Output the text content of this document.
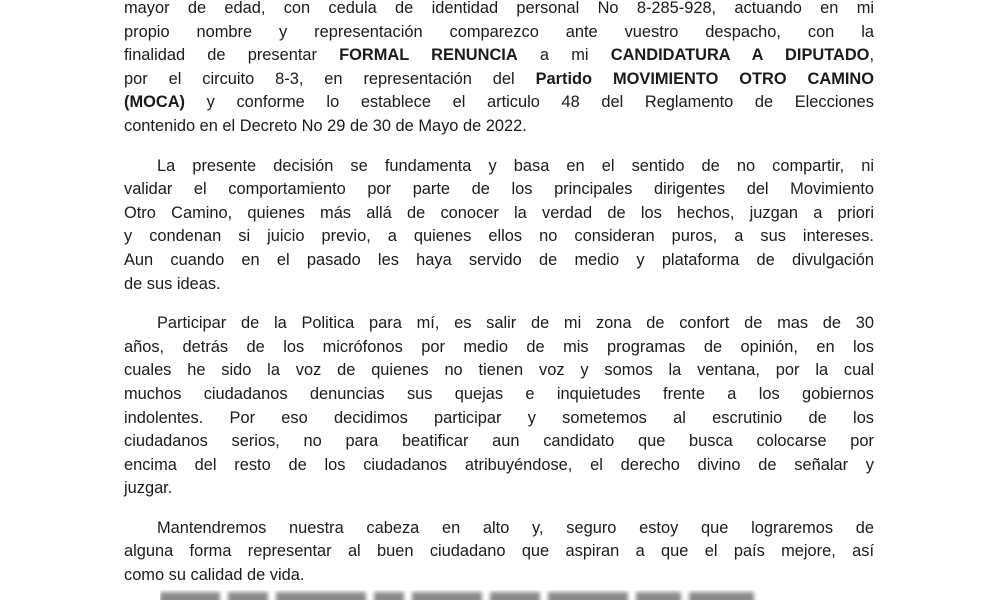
mayor de edad, con cedula de identidad personal No 8-285-928, actuando en mi
propio nombre y representación comparezco ante vuestro despacho, con la
finalidad de presentar FORMAL RENUNCIA a mi CANDIDATURA A DIPUTADO,
por el circuito 8-3, en representación del Partido MOVIMIENTO OTRO CAMINO
(MOCA) y conforme lo establece el articulo 48 del Reglamento de Elecciones
contenido en el Decreto No 29 de 30 de Mayo de 2022.
La presente decisión se fundamenta y basa en el sentido de no compartir, ni
validar el comportamiento por parte de los principales dirigentes del Movimiento
Otro Camino, quienes más allá de conocer la verdad de los hechos, juzgan a priori
y condenan si juicio previo, a quienes ellos no consideran puros, a sus intereses.
Aun cuando en el pasado les haya servido de medio y plataforma de divulgación
de sus ideas.
Participar de la Politica para mí, es salir de mi zona de confort de mas de 30
años, detrás de los micrófonos por medio de mis programas de opinión, en los
cuales he sido la voz de quienes no tienen voz y somos la ventana, por la cual
muchos ciudadanos denuncias sus quejas e inquietudes frente a los gobiernos
indolentes. Por eso decidimos participar y sometemos al escrutinio de los
ciudadanos serios, no para beatificar aun candidato que busca colocarse por
encima del resto de los ciudadanos atribuyéndose, el derecho divino de señalar y
juzgar.
Mantendremos nuestra cabeza en alto y, seguro estoy que lograremos de
alguna forma representar al buen ciudadano que aspiran a que el país mejore, así
como su calidad de vida.
